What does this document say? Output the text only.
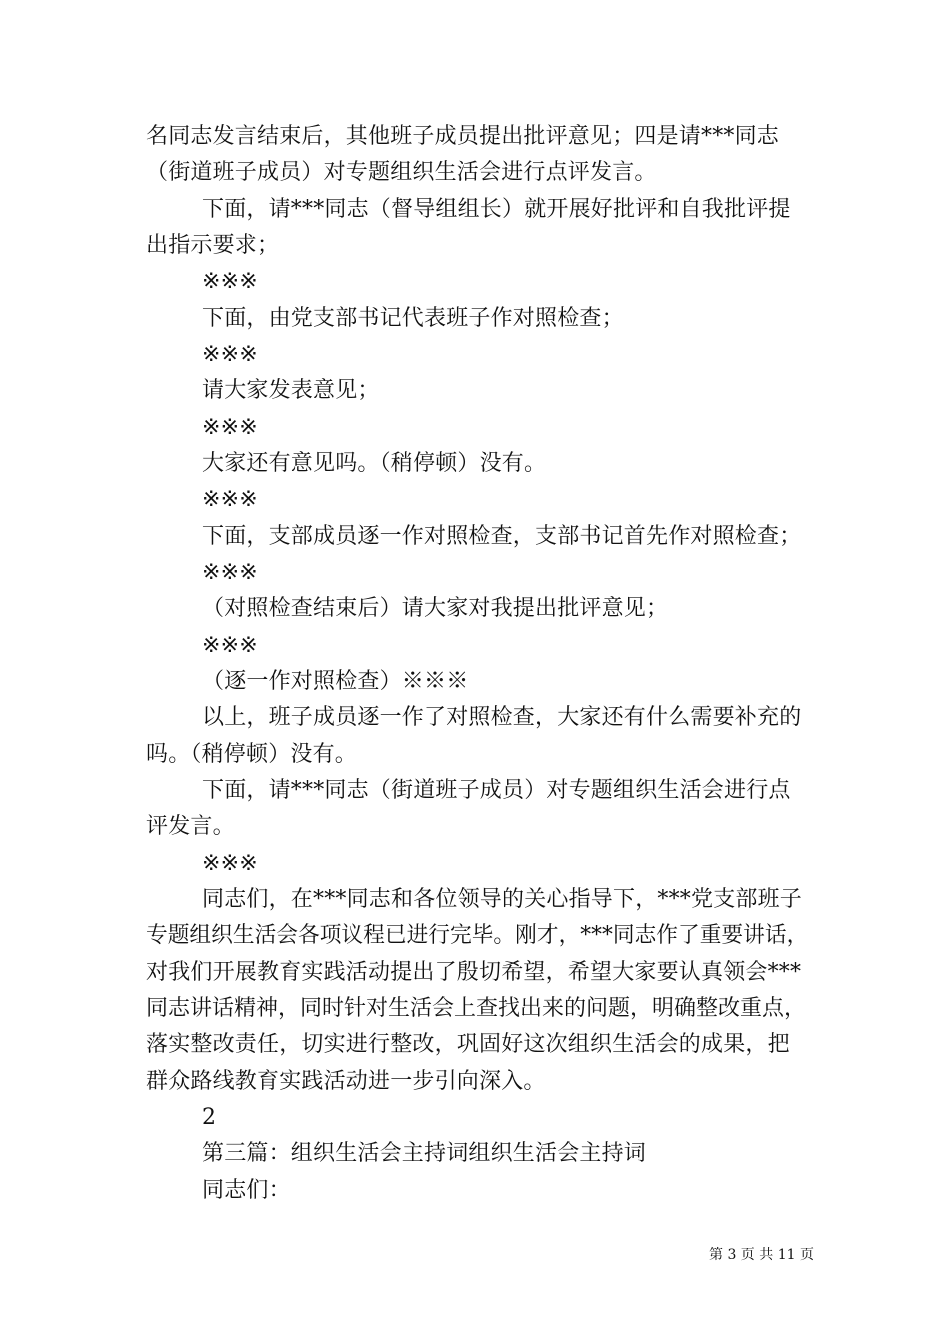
名同志发言结束后，其他班子成员提出批评意见；四是请***同志
（街道班子成员）对专题组织生活会进行点评发言。
下面，请***同志（督导组组长）就开展好批评和自我批评提
出指示要求；
※※※
下面，由党支部书记代表班子作对照检查；
※※※
请大家发表意见；
※※※
大家还有意见吗。（稍停顿）没有。
※※※
下面，支部成员逐一作对照检查，支部书记首先作对照检查；
※※※
（对照检查结束后）请大家对我提出批评意见；
※※※
（逐一作对照检查）※※※
以上，班子成员逐一作了对照检查，大家还有什么需要补充的
吗。（稍停顿）没有。
下面，请***同志（街道班子成员）对专题组织生活会进行点
评发言。
※※※
同志们，在***同志和各位领导的关心指导下，***党支部班子
专题组织生活会各项议程已进行完毕。刚才，***同志作了重要讲话，
对我们开展教育实践活动提出了殷切希望，希望大家要认真领会***
同志讲话精神，同时针对生活会上查找出来的问题，明确整改重点，
落实整改责任，切实进行整改，巩固好这次组织生活会的成果，把
群众路线教育实践活动进一步引向深入。
2
第三篇：组织生活会主持词组织生活会主持词
同志们：
第 3 页 共 11 页
